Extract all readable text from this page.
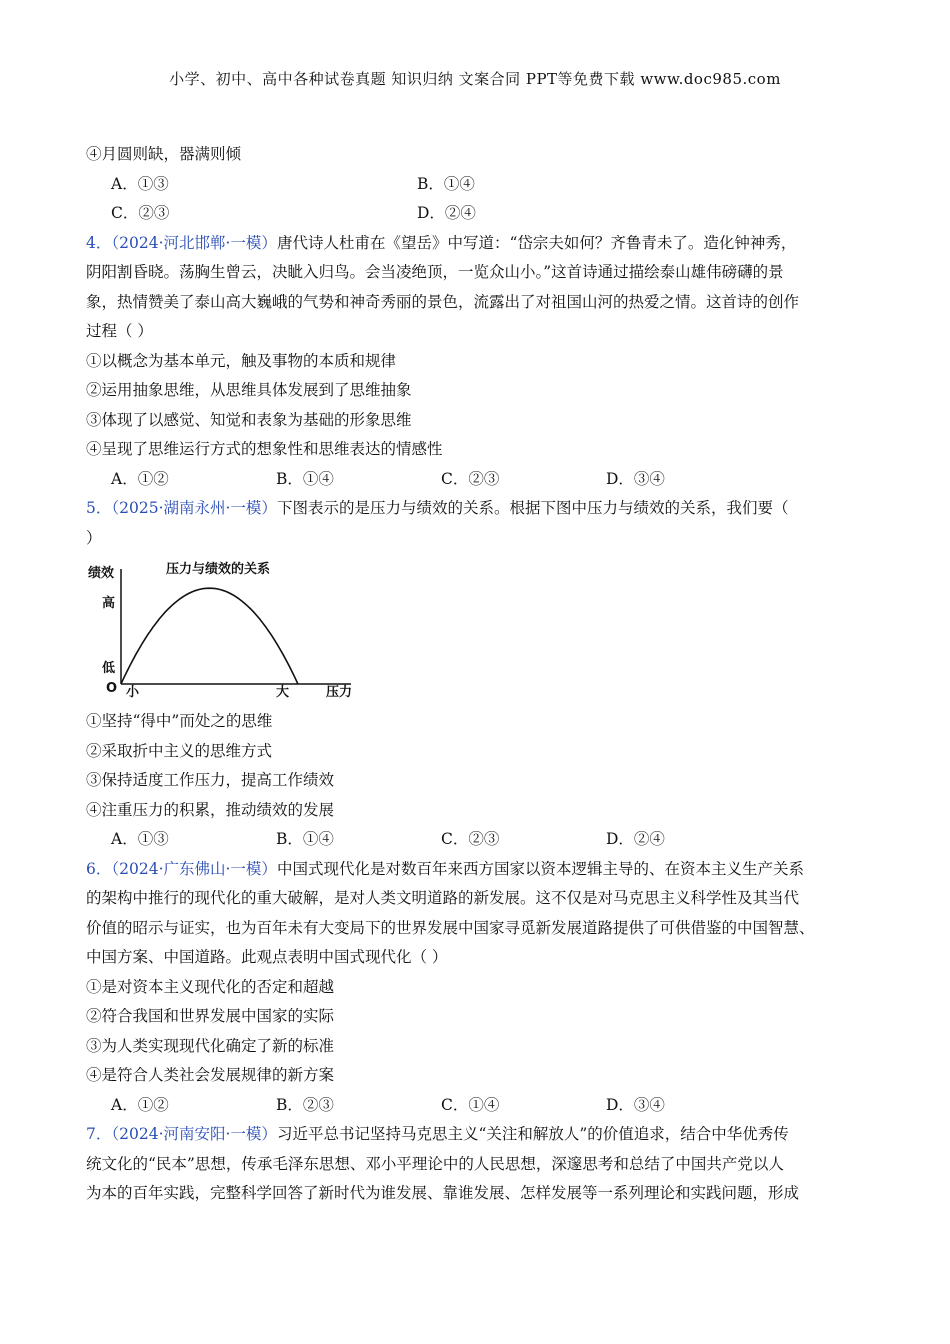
小学、初中、高中各种试卷真题 知识归纳 文案合同 PPT等免费下载 www.doc985.com
④月圆则缺，器满则倾
A．①③	B．①④
C．②③	D．②④
4．（2024·河北邯郸·一模）唐代诗人杜甫在《望岳》中写道：“岱宗夫如何？齐鲁青未了。造化钟神秀，
阴阳割昏晓。荡胸生曾云，决眦入归鸟。会当凌绝顶，一览众山小。”这首诗通过描绘泰山雄伟磅礴的景
象，热情赞美了泰山高大巍峨的气势和神奇秀丽的景色，流露出了对祖国山河的热爱之情。这首诗的创作
过程（ ）
①以概念为基本单元，触及事物的本质和规律
②运用抽象思维，从思维具体发展到了思维抽象
③体现了以感觉、知觉和表象为基础的形象思维
④呈现了思维运行方式的想象性和思维表达的情感性
A．①②	B．①④	C．②③	D．③④
5．（2025·湖南永州·一模）下图表示的是压力与绩效的关系。根据下图中压力与绩效的关系，我们要（
）
压力与绩效的关系
绩效
高
低
O 小	大	压力
①坚持“得中”而处之的思维
②采取折中主义的思维方式
③保持适度工作压力，提高工作绩效
④注重压力的积累，推动绩效的发展
A．①③	B．①④	C．②③	D．②④
6．（2024·广东佛山·一模）中国式现代化是对数百年来西方国家以资本逻辑主导的、在资本主义生产关系
的架构中推行的现代化的重大破解，是对人类文明道路的新发展。这不仅是对马克思主义科学性及其当代
价值的昭示与证实，也为百年未有大变局下的世界发展中国家寻觅新发展道路提供了可供借鉴的中国智慧、
中国方案、中国道路。此观点表明中国式现代化（ ）
①是对资本主义现代化的否定和超越
②符合我国和世界发展中国家的实际
③为人类实现现代化确定了新的标准
④是符合人类社会发展规律的新方案
A．①②	B．②③	C．①④	D．③④
7．（2024·河南安阳·一模）习近平总书记坚持马克思主义“关注和解放人”的价值追求，结合中华优秀传
统文化的“民本”思想，传承毛泽东思想、邓小平理论中的人民思想，深邃思考和总结了中国共产党以人
为本的百年实践，完整科学回答了新时代为谁发展、靠谁发展、怎样发展等一系列理论和实践问题，形成
